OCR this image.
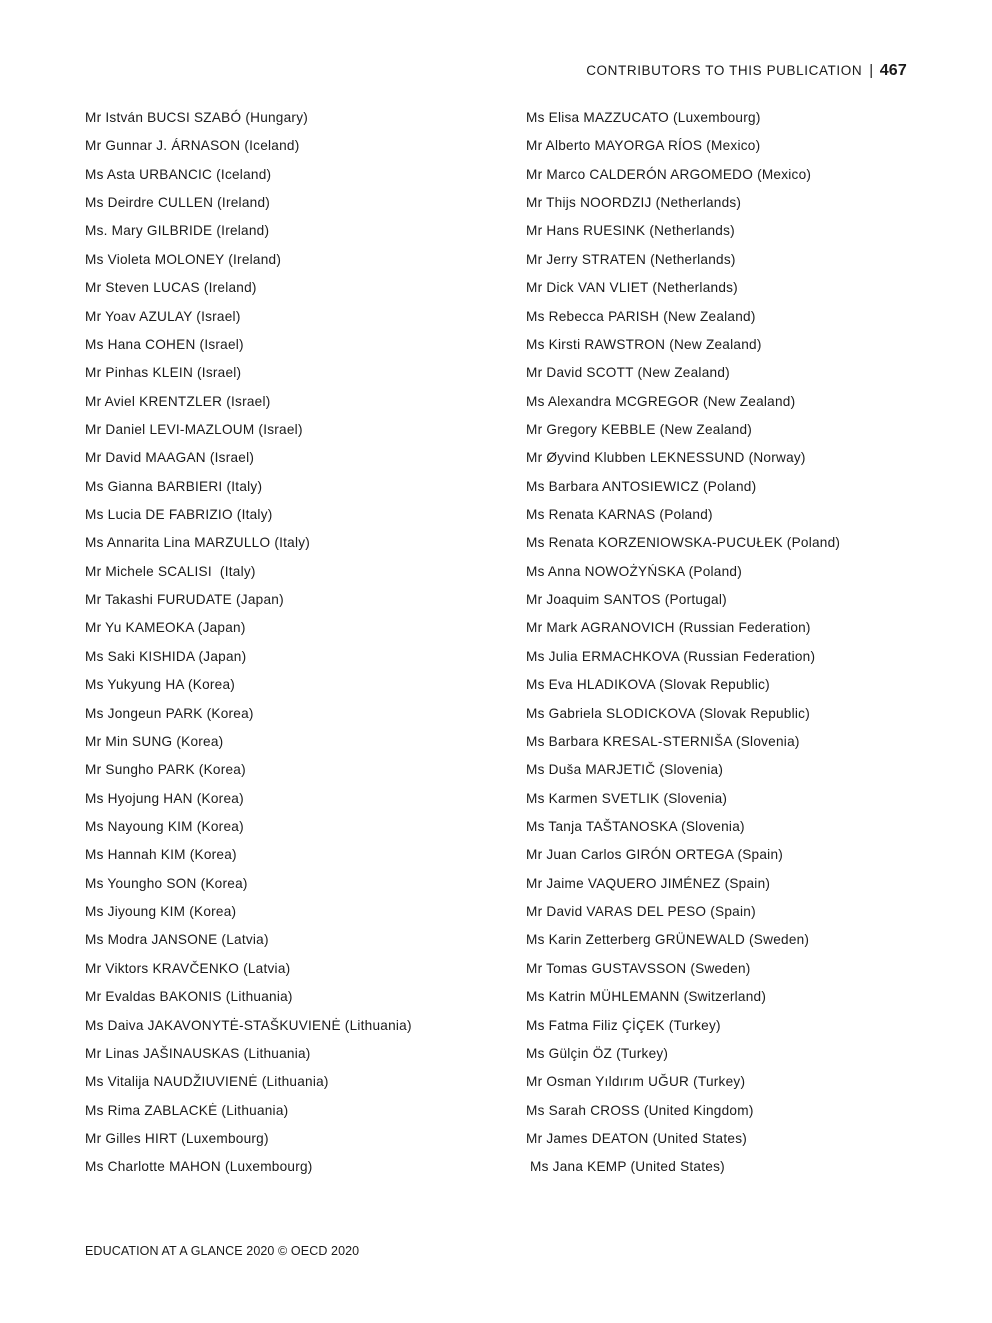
CONTRIBUTORS TO THIS PUBLICATION | 467
Mr István BUCSI SZABÓ (Hungary)
Mr Gunnar J. ÁRNASON (Iceland)
Ms Asta URBANCIC (Iceland)
Ms Deirdre CULLEN (Ireland)
Ms. Mary GILBRIDE (Ireland)
Ms Violeta MOLONEY (Ireland)
Mr Steven LUCAS (Ireland)
Mr Yoav AZULAY (Israel)
Ms Hana COHEN (Israel)
Mr Pinhas KLEIN (Israel)
Mr Aviel KRENTZLER (Israel)
Mr Daniel LEVI-MAZLOUM (Israel)
Mr David MAAGAN (Israel)
Ms Gianna BARBIERI (Italy)
Ms Lucia DE FABRIZIO (Italy)
Ms Annarita Lina MARZULLO (Italy)
Mr Michele SCALISI  (Italy)
Mr Takashi FURUDATE (Japan)
Mr Yu KAMEOKA (Japan)
Ms Saki KISHIDA (Japan)
Ms Yukyung HA (Korea)
Ms Jongeun PARK (Korea)
Mr Min SUNG (Korea)
Mr Sungho PARK (Korea)
Ms Hyojung HAN (Korea)
Ms Nayoung KIM (Korea)
Ms Hannah KIM (Korea)
Ms Youngho SON (Korea)
Ms Jiyoung KIM (Korea)
Ms Modra JANSONE (Latvia)
Mr Viktors KRAVČENKO (Latvia)
Mr Evaldas BAKONIS (Lithuania)
Ms Daiva JAKAVONYTĖ-STAŠKUVIENĖ (Lithuania)
Mr Linas JAŠINAUSKAS (Lithuania)
Ms Vitalija NAUDŽIUVIENĖ (Lithuania)
Ms Rima ZABLACKĖ (Lithuania)
Mr Gilles HIRT (Luxembourg)
Ms Charlotte MAHON (Luxembourg)
Ms Elisa MAZZUCATO (Luxembourg)
Mr Alberto MAYORGA RÍOS (Mexico)
Mr Marco CALDERÓN ARGOMEDO (Mexico)
Mr Thijs NOORDZIJ (Netherlands)
Mr Hans RUESINK (Netherlands)
Mr Jerry STRATEN (Netherlands)
Mr Dick VAN VLIET (Netherlands)
Ms Rebecca PARISH (New Zealand)
Ms Kirsti RAWSTRON (New Zealand)
Mr David SCOTT (New Zealand)
Ms Alexandra MCGREGOR (New Zealand)
Mr Gregory KEBBLE (New Zealand)
Mr Øyvind Klubben LEKNESSUND (Norway)
Ms Barbara ANTOSIEWICZ (Poland)
Ms Renata KARNAS (Poland)
Ms Renata KORZENIOWSKA-PUCUŁEK (Poland)
Ms Anna NOWOŻYŃSKA (Poland)
Mr Joaquim SANTOS (Portugal)
Mr Mark AGRANOVICH (Russian Federation)
Ms Julia ERMACHKOVA (Russian Federation)
Ms Eva HLADIKOVA (Slovak Republic)
Ms Gabriela SLODICKOVA (Slovak Republic)
Ms Barbara KRESAL-STERNIŠA (Slovenia)
Ms Duša MARJETIČ (Slovenia)
Ms Karmen SVETLIK (Slovenia)
Ms Tanja TAŠTANOSKA (Slovenia)
Mr Juan Carlos GIRÓN ORTEGA (Spain)
Mr Jaime VAQUERO JIMÉNEZ (Spain)
Mr David VARAS DEL PESO (Spain)
Ms Karin Zetterberg GRÜNEWALD (Sweden)
Mr Tomas GUSTAVSSON (Sweden)
Ms Katrin MÜHLEMANN (Switzerland)
Ms Fatma Filiz ÇİÇEK (Turkey)
Ms Gülçin ÖZ (Turkey)
Mr Osman Yıldırım UĞUR (Turkey)
Ms Sarah CROSS (United Kingdom)
Mr James DEATON (United States)
Ms Jana KEMP (United States)
EDUCATION AT A GLANCE 2020 © OECD 2020
